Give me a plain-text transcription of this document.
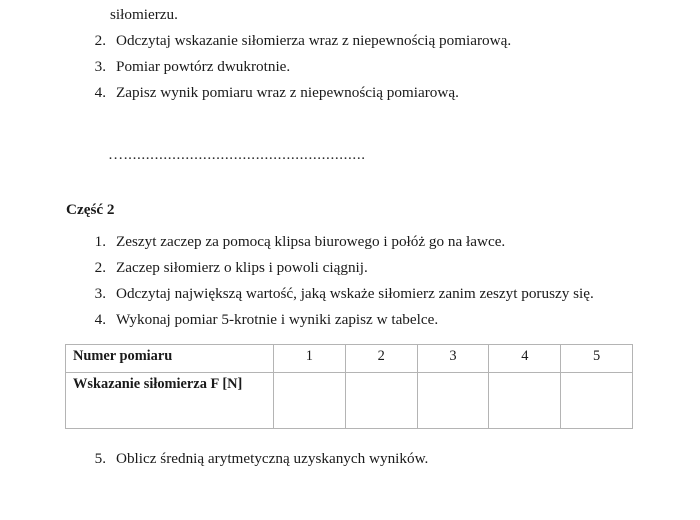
siłomierzu.
2. Odczytaj wskazanie siłomierza wraz z niepewnością pomiarową.
3. Pomiar powtórz dwukrotnie.
4. Zapisz wynik pomiaru wraz z niepewnością pomiarową.
….......................................................
Część 2
1. Zeszyt zaczep za pomocą klipsa biurowego i połóż go na ławce.
2. Zaczep siłomierz o klips i powoli ciągnij.
3. Odczytaj największą wartość, jaką wskaże siłomierz zanim zeszyt poruszy się.
4. Wykonaj pomiar 5-krotnie i wyniki zapisz w tabelce.
Numer pomiaru	1	2	3	4	5
Wskazanie siłomierza F [N]					
5. Oblicz średnią arytmetyczną uzyskanych wyników.
